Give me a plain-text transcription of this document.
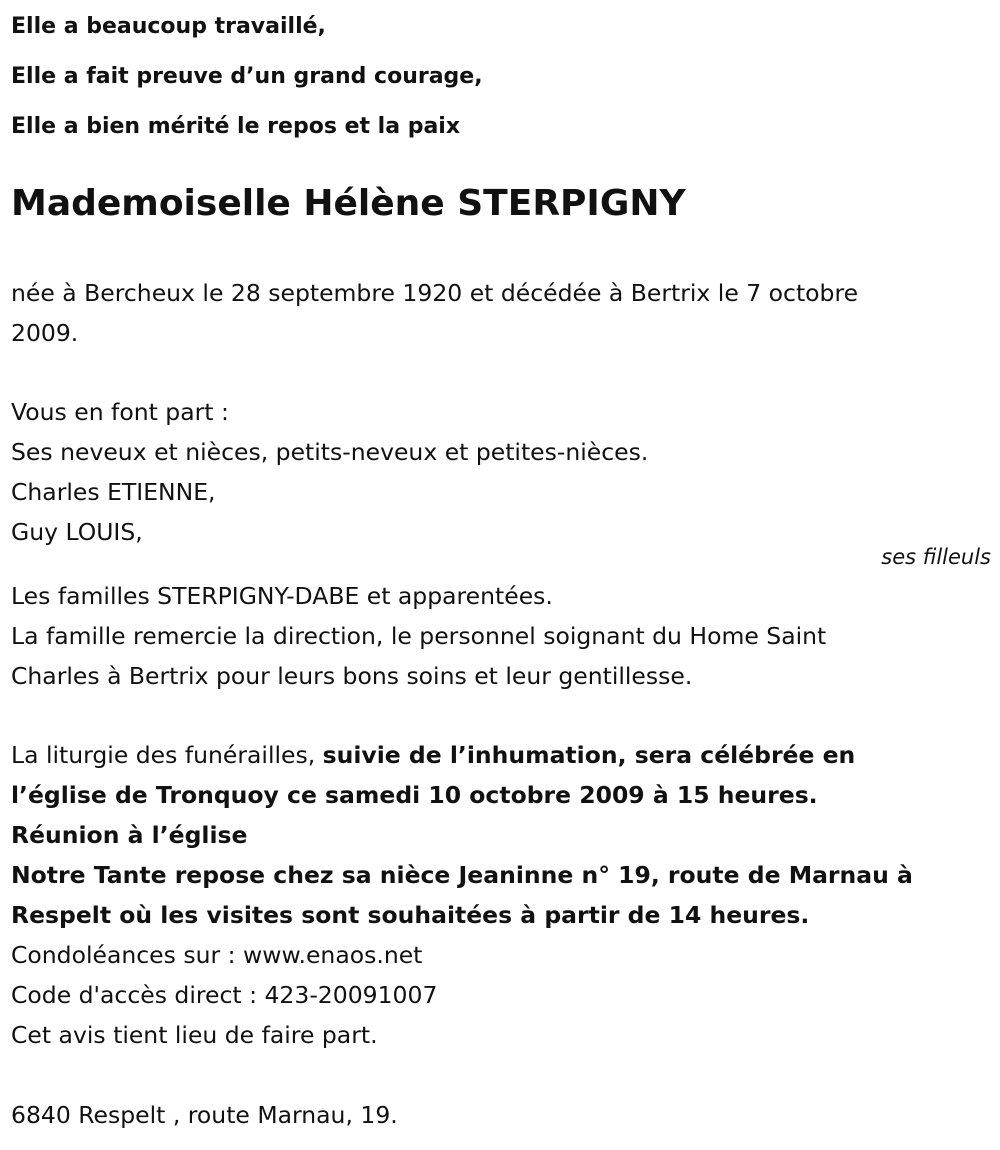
Elle a beaucoup travaillé,
Elle a fait preuve d’un grand courage,
Elle a bien mérité le repos et la paix
Mademoiselle Hélène STERPIGNY
née à Bercheux le 28 septembre 1920 et décédée à Bertrix le 7 octobre
2009.
Vous en font part :
Ses neveux et nièces, petits-neveux et petites-nièces.
Charles ETIENNE,
Guy LOUIS,
ses filleuls
Les familles STERPIGNY-DABE et apparentées.
La famille remercie la direction, le personnel soignant du Home Saint
Charles à Bertrix pour leurs bons soins et leur gentillesse.
La liturgie des funérailles, suivie de l’inhumation, sera célébrée en
l’église de Tronquoy ce samedi 10 octobre 2009 à 15 heures.
Réunion à l’église
Notre Tante repose chez sa nièce Jeaninne n° 19, route de Marnau à
Respelt où les visites sont souhaitées à partir de 14 heures.
Condoléances sur : www.enaos.net
Code d'accès direct : 423-20091007
Cet avis tient lieu de faire part.
6840 Respelt , route Marnau, 19.
